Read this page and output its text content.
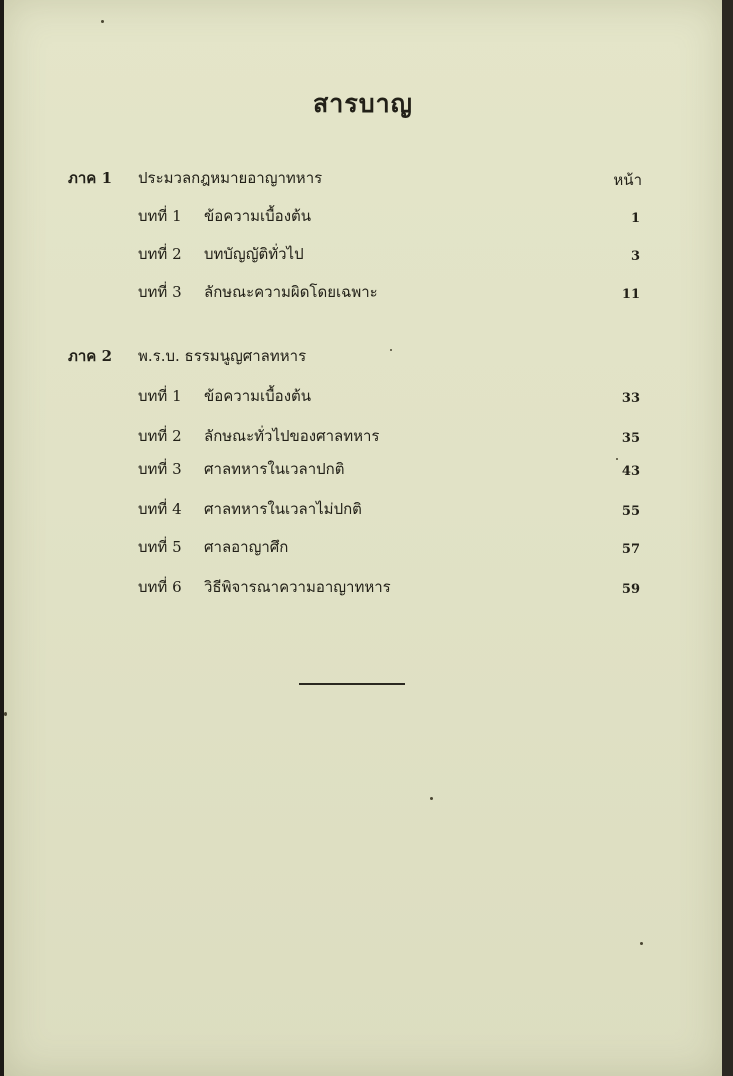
สารบาญ
ภาค 1 ประมวลกฎหมายอาญาทหาร	หน้า
บทที่ 1 ข้อความเบื้องต้น	1
บทที่ 2 บทบัญญัติทั่วไป	3
บทที่ 3 ลักษณะความผิดโดยเฉพาะ	11
ภาค 2 พ.ร.บ. ธรรมนูญศาลทหาร
บทที่ 1 ข้อความเบื้องต้น	33
บทที่ 2 ลักษณะทั่วไปของศาลทหาร	35
บทที่ 3 ศาลทหารในเวลาปกติ	43
บทที่ 4 ศาลทหารในเวลาไม่ปกติ	55
บทที่ 5 ศาลอาญาศึก	57
บทที่ 6 วิธีพิจารณาความอาญาทหาร	59
